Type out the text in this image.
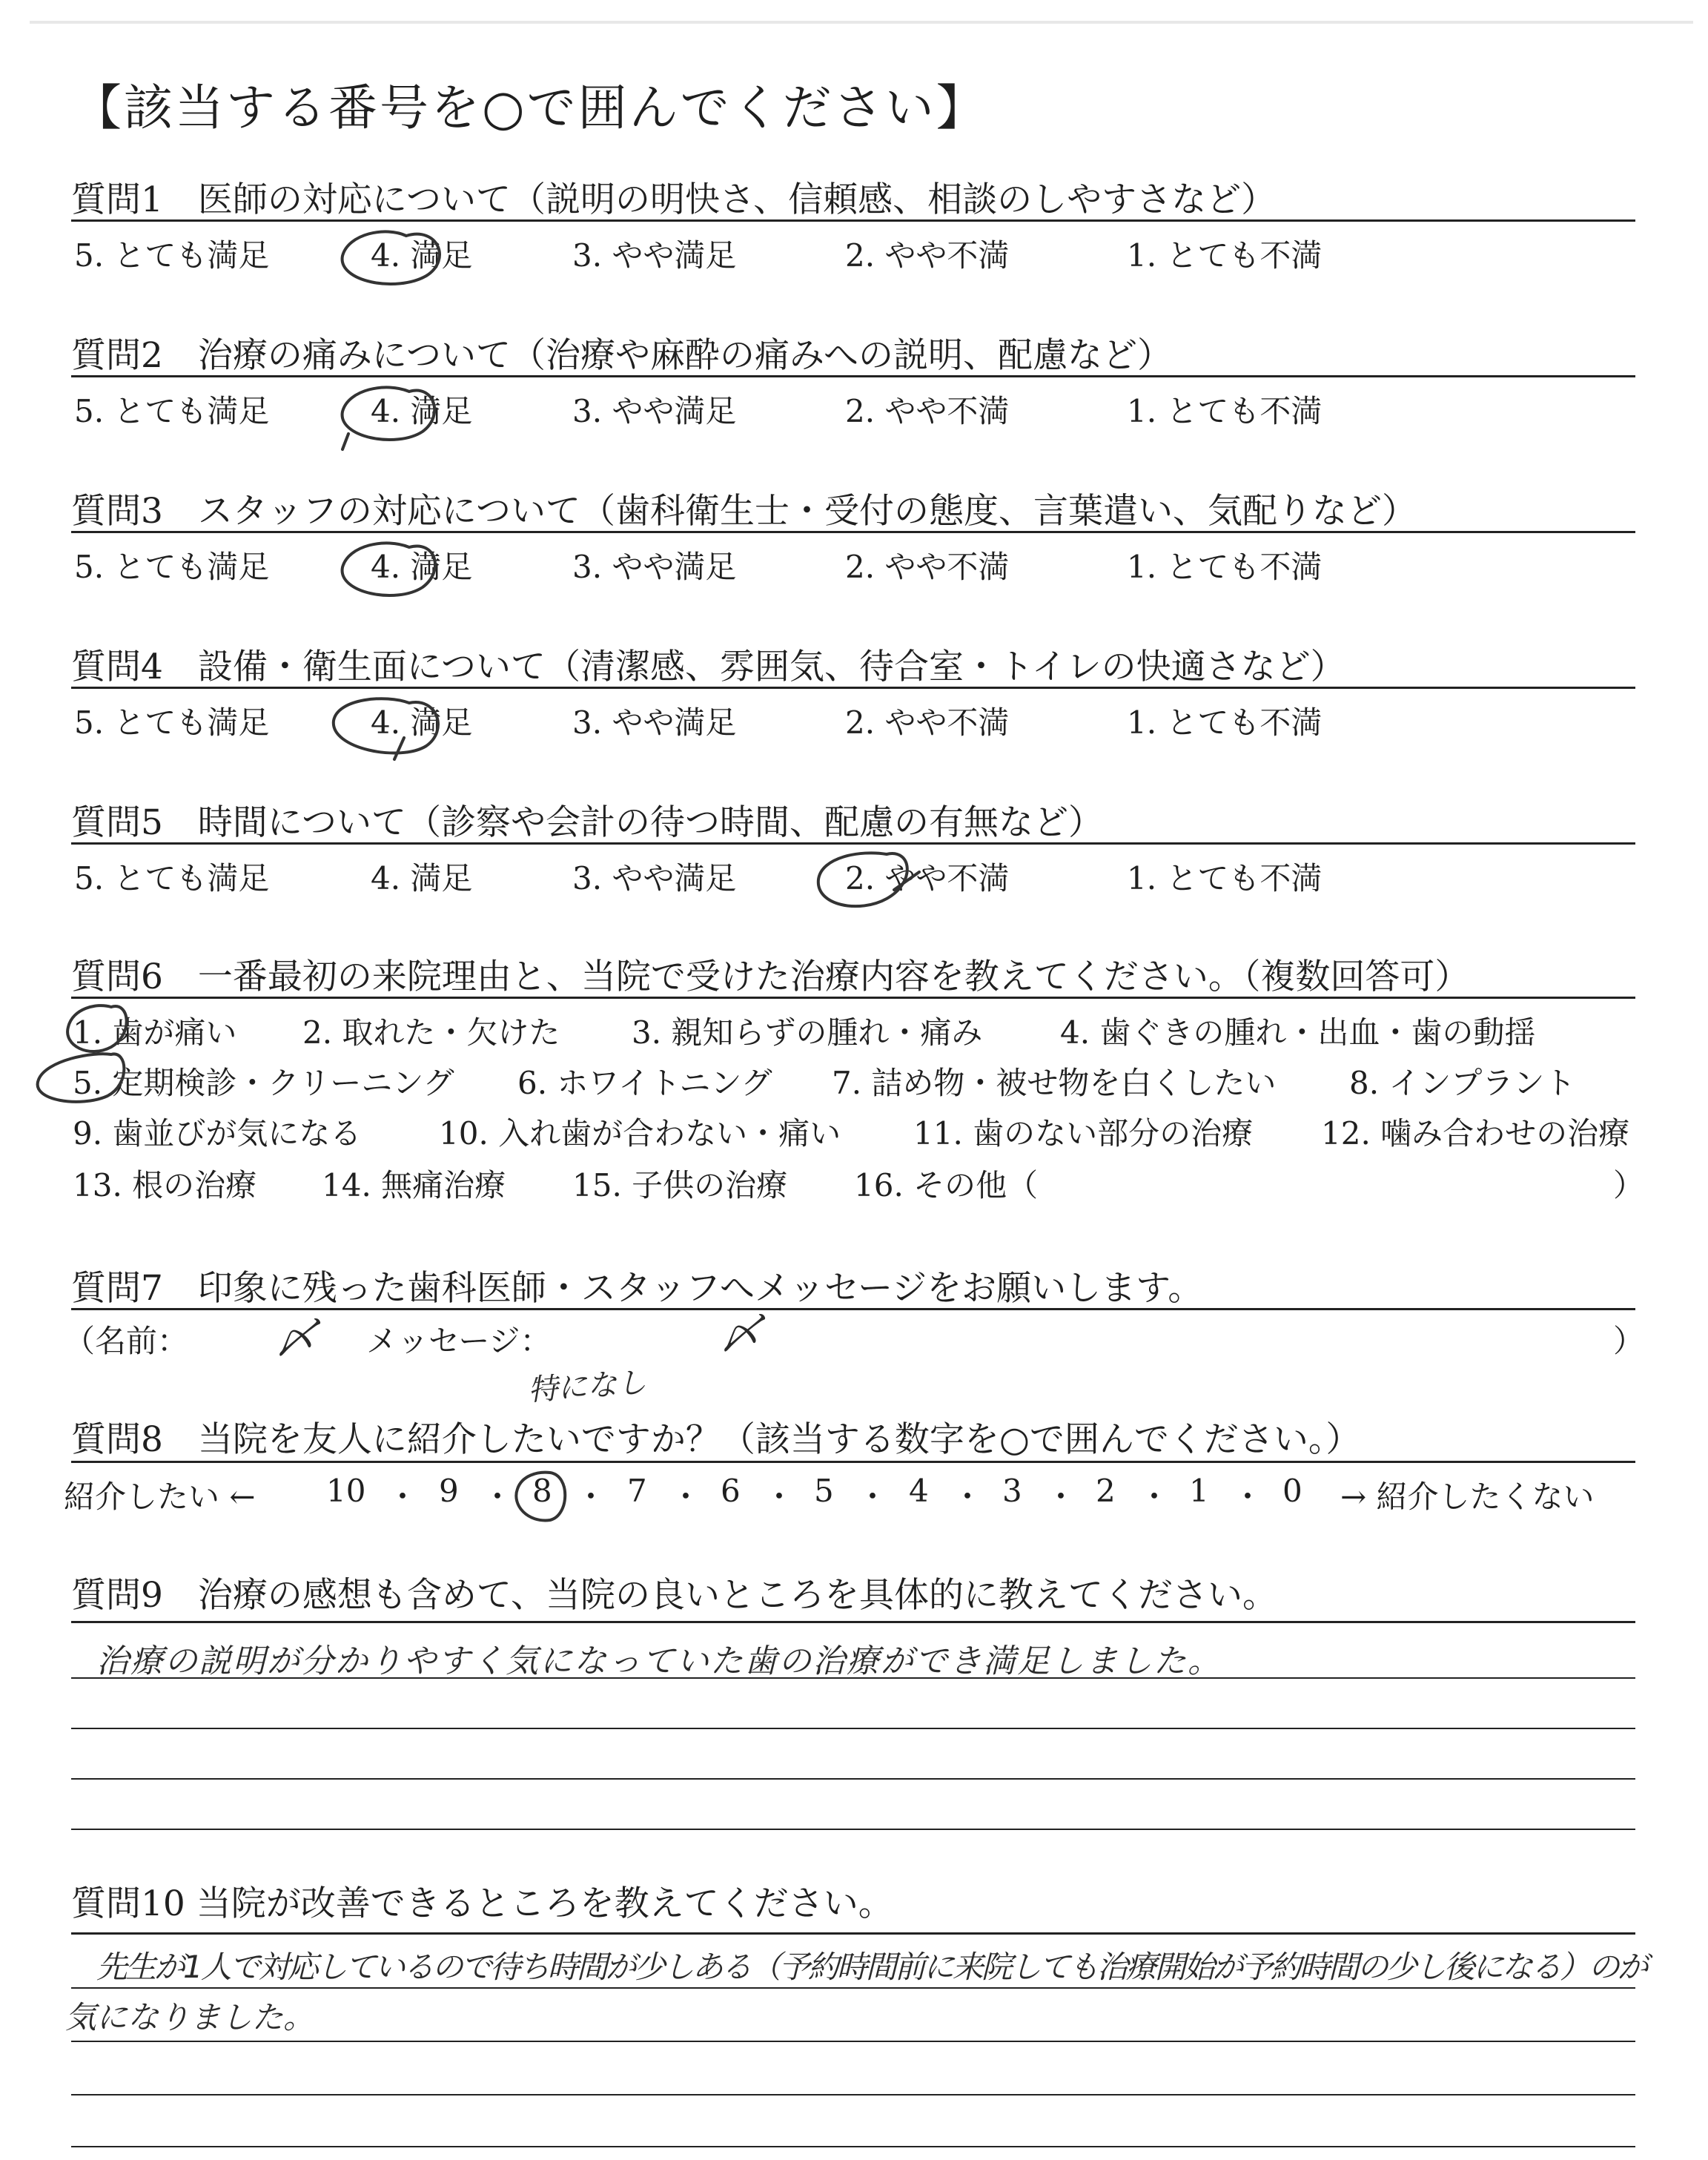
【該当する番号を○で囲んでください】
質問1　医師の対応について（説明の明快さ、信頼感、相談のしやすさなど）
5. とても満足	4. 満足	3. やや満足	2. やや不満	1. とても不満
質問2　治療の痛みについて（治療や麻酔の痛みへの説明、配慮など）
5. とても満足	4. 満足	3. やや満足	2. やや不満	1. とても不満
質問3　スタッフの対応について（歯科衛生士・受付の態度、言葉遣い、気配りなど）
5. とても満足	4. 満足	3. やや満足	2. やや不満	1. とても不満
質問4　設備・衛生面について（清潔感、雰囲気、待合室・トイレの快適さなど）
5. とても満足	4. 満足	3. やや満足	2. やや不満	1. とても不満
質問5　時間について（診察や会計の待つ時間、配慮の有無など）
5. とても満足	4. 満足	3. やや満足	2. やや不満	1. とても不満
質問6　一番最初の来院理由と、当院で受けた治療内容を教えてください。（複数回答可）
1. 歯が痛い 2. 取れた・欠けた 3. 親知らずの腫れ・痛み 4. 歯ぐきの腫れ・出血・歯の動揺
5. 定期検診・クリーニング 6. ホワイトニング 7. 詰め物・被せ物を白くしたい 8. インプラント
9. 歯並びが気になる 10. 入れ歯が合わない・痛い 11. 歯のない部分の治療 12. 噛み合わせの治療
13. 根の治療 14. 無痛治療 15. 子供の治療 16. その他（	）
質問7　印象に残った歯科医師・スタッフへメッセージをお願いします。
（名前：	メッセージ：	）
〆	〆
特になし
質問8　当院を友人に紹介したいですか？（該当する数字を○で囲んでください。）
紹介したい ← 10 ・ 9 ・ 8 ・ 7 ・ 6 ・ 5 ・ 4 ・ 3 ・ 2 ・ 1 ・ 0 → 紹介したくない
質問9　治療の感想も含めて、当院の良いところを具体的に教えてください。
治療の説明が分かりやすく気になっていた歯の治療ができ満足しました。
質問10 当院が改善できるところを教えてください。
先生が1人で対応しているので待ち時間が少しある（予約時間前に来院しても治療開始が予約時間の少し後になる）のが
気になりました。
